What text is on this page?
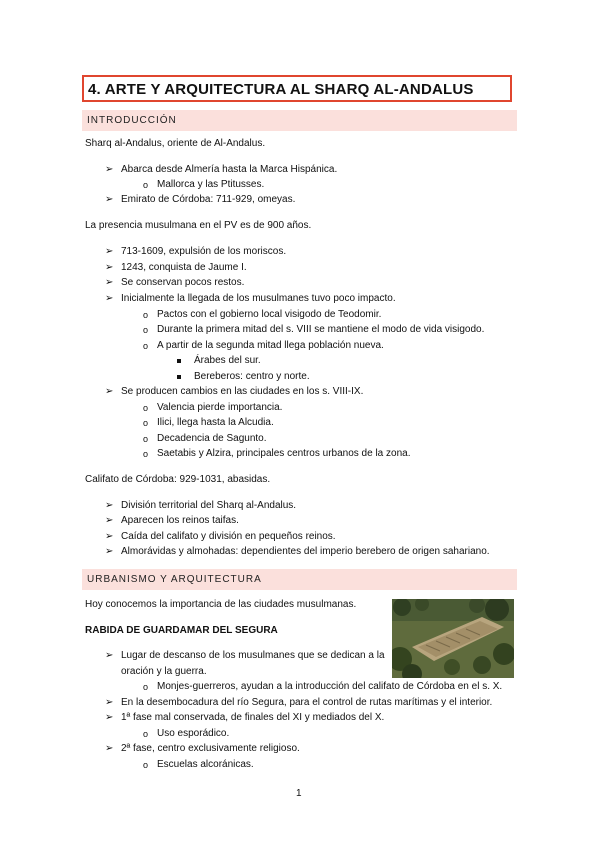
4. ARTE Y ARQUITECTURA AL SHARQ AL-ANDALUS
INTRODUCCIÓN
Sharq al-Andalus, oriente de Al-Andalus.
➢ Abarca desde Almería hasta la Marca Hispánica.
o Mallorca y las Ptitusses.
➢ Emirato de Córdoba: 711-929, omeyas.
La presencia musulmana en el PV es de 900 años.
➢ 713-1609, expulsión de los moriscos.
➢ 1243, conquista de Jaume I.
➢ Se conservan pocos restos.
➢ Inicialmente la llegada de los musulmanes tuvo poco impacto.
o Pactos con el gobierno local visigodo de Teodomir.
o Durante la primera mitad del s. VIII se mantiene el modo de vida visigodo.
o A partir de la segunda mitad llega población nueva.
Árabes del sur.
Bereberos: centro y norte.
➢ Se producen cambios en las ciudades en los s. VIII-IX.
o Valencia pierde importancia.
o Ilici, llega hasta la Alcudia.
o Decadencia de Sagunto.
o Saetabis y Alzira, principales centros urbanos de la zona.
Califato de Córdoba: 929-1031, abasidas.
➢ División territorial del Sharq al-Andalus.
➢ Aparecen los reinos taifas.
➢ Caída del califato y división en pequeños reinos.
➢ Almorávidas y almohadas: dependientes del imperio berebero de origen sahariano.
URBANISMO Y ARQUITECTURA
Hoy conocemos la importancia de las ciudades musulmanas.
RABIDA DE GUARDAMAR DEL SEGURA
➢ Lugar de descanso de los musulmanes que se dedican a la
oración y la guerra.
o Monjes-guerreros, ayudan a la introducción del califato de Córdoba en el s. X.
➢ En la desembocadura del río Segura, para el control de rutas marítimas y el interior.
➢ 1ª fase mal conservada, de finales del XI y mediados del X.
o Uso esporádico.
➢ 2ª fase, centro exclusivamente religioso.
o Escuelas alcoránicas.
1
